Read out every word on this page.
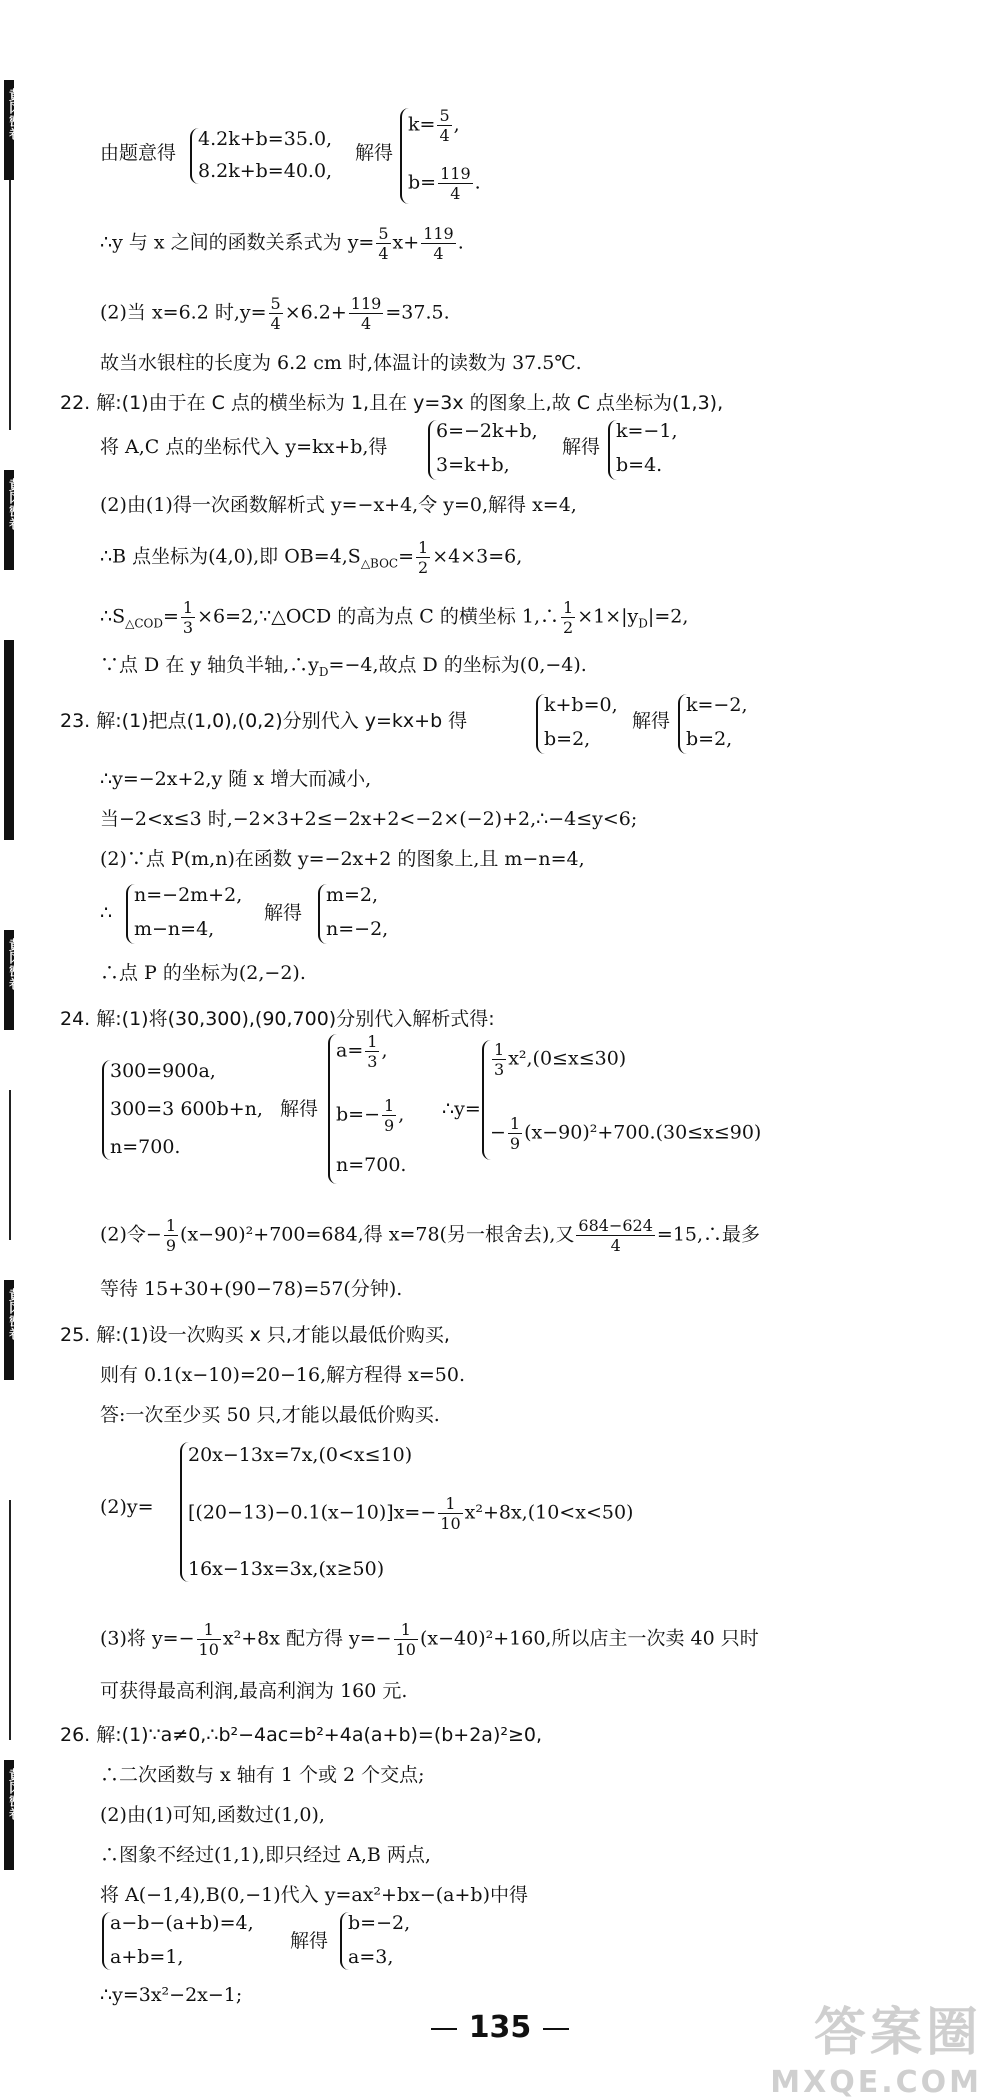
黄冈密卷
黄冈密卷
黄冈密卷
黄冈密卷
黄冈密卷
由题意得
4.2k+b=35.0,
8.2k+b=40.0,
解得
$k= \frac{5}{4}$ ,
$b= \frac{119}{4}$ .
∴y 与 x 之间的函数关系式为 $y= \frac{5}{4} x+ \frac{119}{4}$ .
(2)当 x=6.2 时$,y= \frac{5}{4} \times 6.2+ \frac{119}{4} =37.5$.
故当水银柱的长度为 6.2 cm 时,体温计的读数为 37.5℃.
22. 解:(1)由于在 C 点的横坐标为 1,且在 y=3x 的图象上,故 C 点坐标为(1,3),
将 A,C 点的坐标代入 y=kx+b,得
6=−2k+b,
3=k+b,
解得
k=−1,
b=4.
(2)由(1)得一次函数解析式 y=−x+4,令 y=0,解得 x=4,
∴B 点坐标为(4,0),即 $OB=4,S_{\triangle BOC}= \frac{1}{2} \times 4\times 3=6$,
$\therefore S_{\triangle COD}= \frac{1}{3}$ ×6=2,∵△OCD 的高为点 C 的横坐标 1,∴ $\frac{1}{2} \times 1\times|y_D|=2$,
∵点 D 在 y 轴负半轴$,\therefore y_D=-4$,故点 D 的坐标为(0,−4).
23. 解:(1)把点(1,0),(0,2)分别代入 y=kx+b 得
k+b=0,
b=2,
解得
k=−2,
b=2,
∴y=−2x+2,y 随 x 增大而减小,
当−2<x≤3 时,−2×3+2≤−2x+2<−2×(−2)+2,∴−4≤y<6;
(2)∵点 P(m,n)在函数 y=−2x+2 的图象上,且 m−n=4,
∴
n=−2m+2,
m−n=4,
解得
m=2,
n=−2,
∴点 P 的坐标为(2,−2).
24. 解:(1)将(30,300),(90,700)分别代入解析式得:
300=900a,
300=3 600b+n,
n=700.
解得
$a= \frac{1}{3}$ ,
$b=- \frac{1}{9}$ ,
n=700.
∴y=
$\frac{1}{3} x^2,(0\le x\le 30)$
− $\frac{1}{9} (x-90)^2+700.(30\le x\le 90)$
(2)令− $\frac{1}{9} (x-90)^2+700=684$,得 x=78(另一根舍去),又 $\frac{684-624}{4}$ =15,∴最多
等待 15+30+(90−78)=57(分钟).
25. 解:(1)设一次购买 x 只,才能以最低价购买,
则有 0.1(x−10)=20−16,解方程得 x=50.
答:一次至少买 50 只,才能以最低价购买.
(2)y=
20x−13x=7x,(0<x≤10)
$[(20-13)-0.1(x-10)]x=- \frac{1}{10} x^2+8x,(10<x<50)$
16x−13x=3x,(x≥50)
(3)将 $y=- \frac{1}{10} x^2+8x$ 配方得 $y=- \frac{1}{10} (x-40)^2+160$,所以店主一次卖 40 只时
可获得最高利润,最高利润为 160 元.
26. 解:(1)∵a≠0,∴b²−4ac=b²+4a(a+b)=(b+2a)²≥0,
∴二次函数与 x 轴有 1 个或 2 个交点;
(2)由(1)可知,函数过(1,0),
∴图象不经过(1,1),即只经过 A,B 两点,
将 A(−1,4),B(0,−1)代入 y=ax²+bx−(a+b)中得
a−b−(a+b)=4,
a+b=1,
解得
b=−2,
a=3,
∴y=3x²−2x−1;
135	答案圈
MXQE.COM
